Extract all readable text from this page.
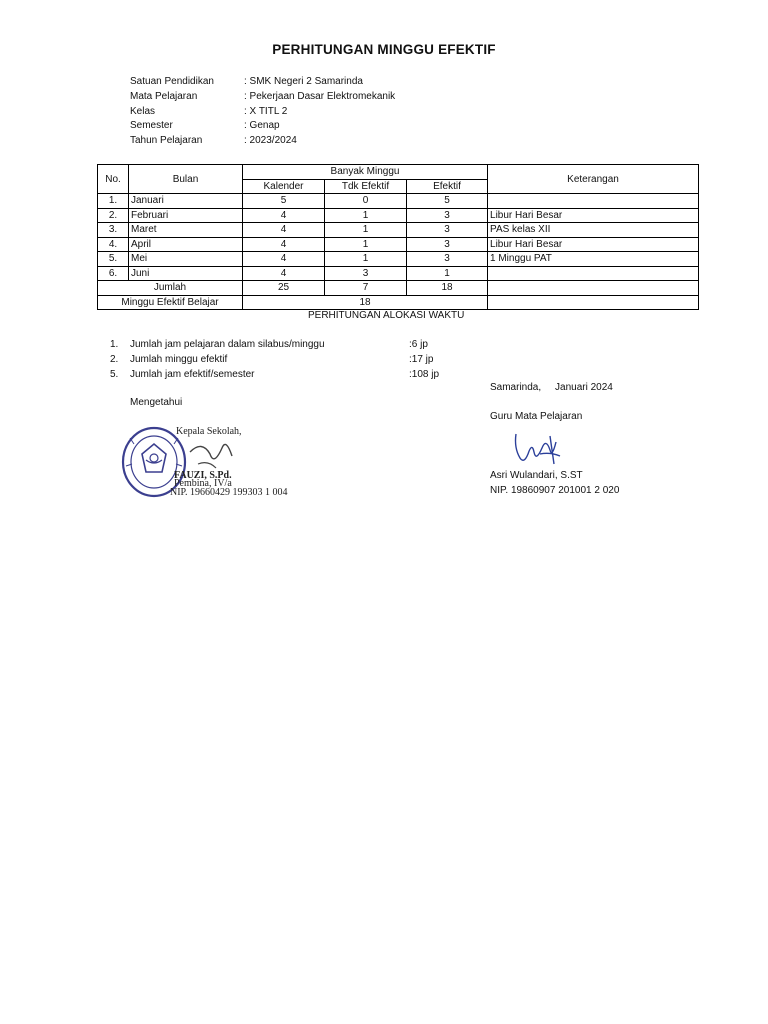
PERHITUNGAN MINGGU EFEKTIF
Satuan Pendidikan	: SMK Negeri 2 Samarinda
Mata Pelajaran	: Pekerjaan Dasar Elektromekanik
Kelas	: X TITL 2
Semester	: Genap
Tahun Pelajaran	: 2023/2024
No.	Bulan	Banyak Minggu			Keterangan
		Kalender	Tdk Efektif	Efektif	
1.	Januari	5	0	5	
2.	Februari	4	1	3	Libur Hari Besar
3.	Maret	4	1	3	PAS kelas XII
4.	April	4	1	3	Libur Hari Besar
5.	Mei	4	1	3	1 Minggu PAT
6.	Juni	4	3	1	
Jumlah		25	7	18	
Minggu Efektif Belajar		18			
PERHITUNGAN ALOKASI WAKTU
1. Jumlah jam pelajaran dalam silabus/minggu	:6 jp
2. Jumlah minggu efektif	:17 jp
5. Jumlah jam efektif/semester	:108 jp
Samarinda,     Januari 2024
Mengetahui
Guru Mata Pelajaran
Kepala Sekolah,
FAUZI, S.Pd.
Pembina, IV/a
NIP. 19660429 199303 1 004
Asri Wulandari, S.ST
NIP. 19860907 201001 2 020
